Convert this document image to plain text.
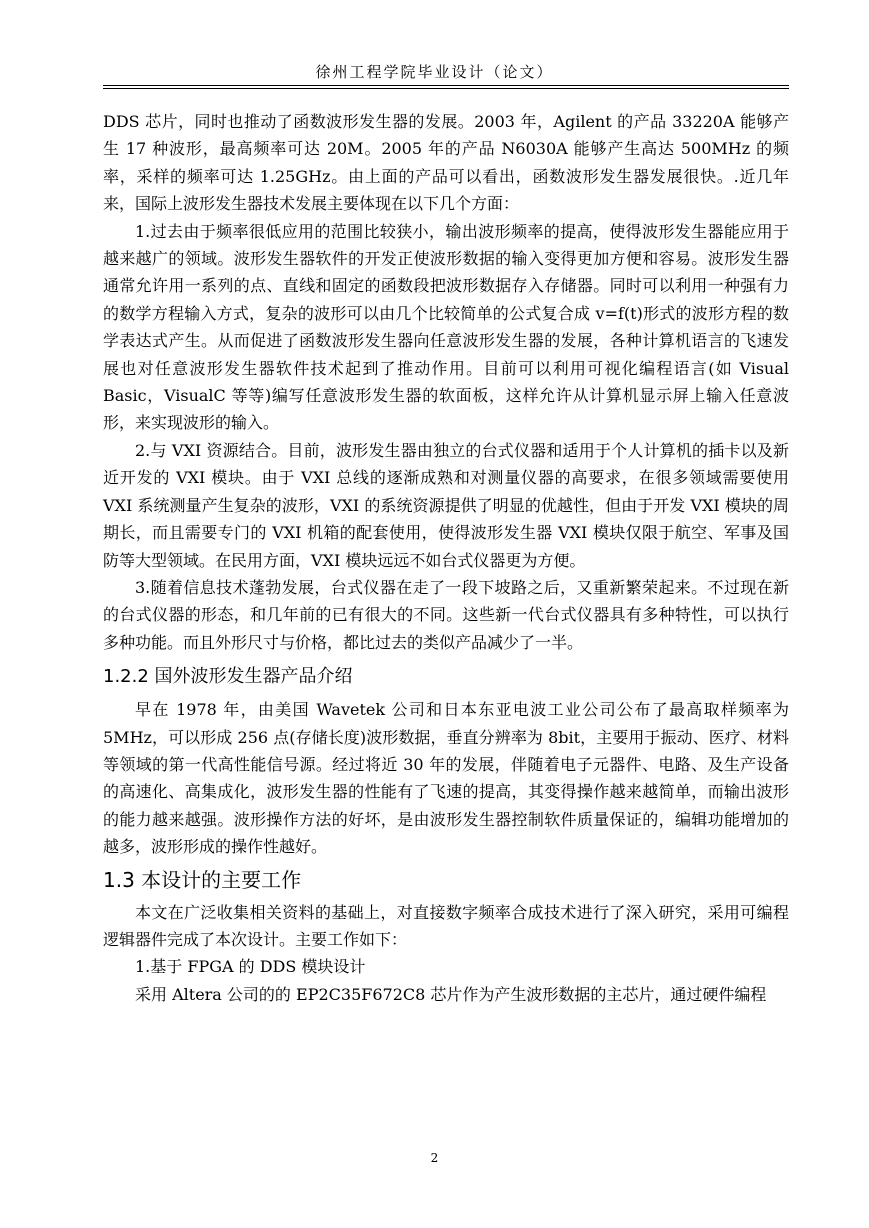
徐州工程学院毕业设计（论文）

DDS 芯片，同时也推动了函数波形发生器的发展。2003 年，Agilent 的产品 33220A 能够产生 17 种波形，最高频率可达 20M。2005 年的产品 N6030A 能够产生高达 500MHz 的频率，采样的频率可达 1.25GHz。由上面的产品可以看出，函数波形发生器发展很快。.近几年来，国际上波形发生器技术发展主要体现在以下几个方面：

1.过去由于频率很低应用的范围比较狭小，输出波形频率的提高，使得波形发生器能应用于越来越广的领域。波形发生器软件的开发正使波形数据的输入变得更加方便和容易。波形发生器通常允许用一系列的点、直线和固定的函数段把波形数据存入存储器。同时可以利用一种强有力的数学方程输入方式，复杂的波形可以由几个比较简单的公式复合成 v=f(t)形式的波形方程的数学表达式产生。从而促进了函数波形发生器向任意波形发生器的发展，各种计算机语言的飞速发展也对任意波形发生器软件技术起到了推动作用。目前可以利用可视化编程语言(如 Visual Basic，VisualC 等等)编写任意波形发生器的软面板，这样允许从计算机显示屏上输入任意波形，来实现波形的输入。

2.与 VXI 资源结合。目前，波形发生器由独立的台式仪器和适用于个人计算机的插卡以及新近开发的 VXI 模块。由于 VXI 总线的逐渐成熟和对测量仪器的高要求，在很多领域需要使用 VXI 系统测量产生复杂的波形，VXI 的系统资源提供了明显的优越性，但由于开发 VXI 模块的周期长，而且需要专门的 VXI 机箱的配套使用，使得波形发生器 VXI 模块仅限于航空、军事及国防等大型领域。在民用方面，VXI 模块远远不如台式仪器更为方便。

3.随着信息技术蓬勃发展，台式仪器在走了一段下坡路之后，又重新繁荣起来。不过现在新的台式仪器的形态，和几年前的已有很大的不同。这些新一代台式仪器具有多种特性，可以执行多种功能。而且外形尺寸与价格，都比过去的类似产品减少了一半。

1.2.2 国外波形发生器产品介绍

早在 1978 年，由美国 Wavetek 公司和日本东亚电波工业公司公布了最高取样频率为 5MHz，可以形成 256 点(存储长度)波形数据，垂直分辨率为 8bit，主要用于振动、医疗、材料等领域的第一代高性能信号源。经过将近 30 年的发展，伴随着电子元器件、电路、及生产设备的高速化、高集成化，波形发生器的性能有了飞速的提高，其变得操作越来越简单，而输出波形的能力越来越强。波形操作方法的好坏，是由波形发生器控制软件质量保证的，编辑功能增加的越多，波形形成的操作性越好。

1.3 本设计的主要工作

本文在广泛收集相关资料的基础上，对直接数字频率合成技术进行了深入研究，采用可编程逻辑器件完成了本次设计。主要工作如下：

1.基于 FPGA 的 DDS 模块设计

采用 Altera 公司的的 EP2C35F672C8 芯片作为产生波形数据的主芯片，通过硬件编程

2
